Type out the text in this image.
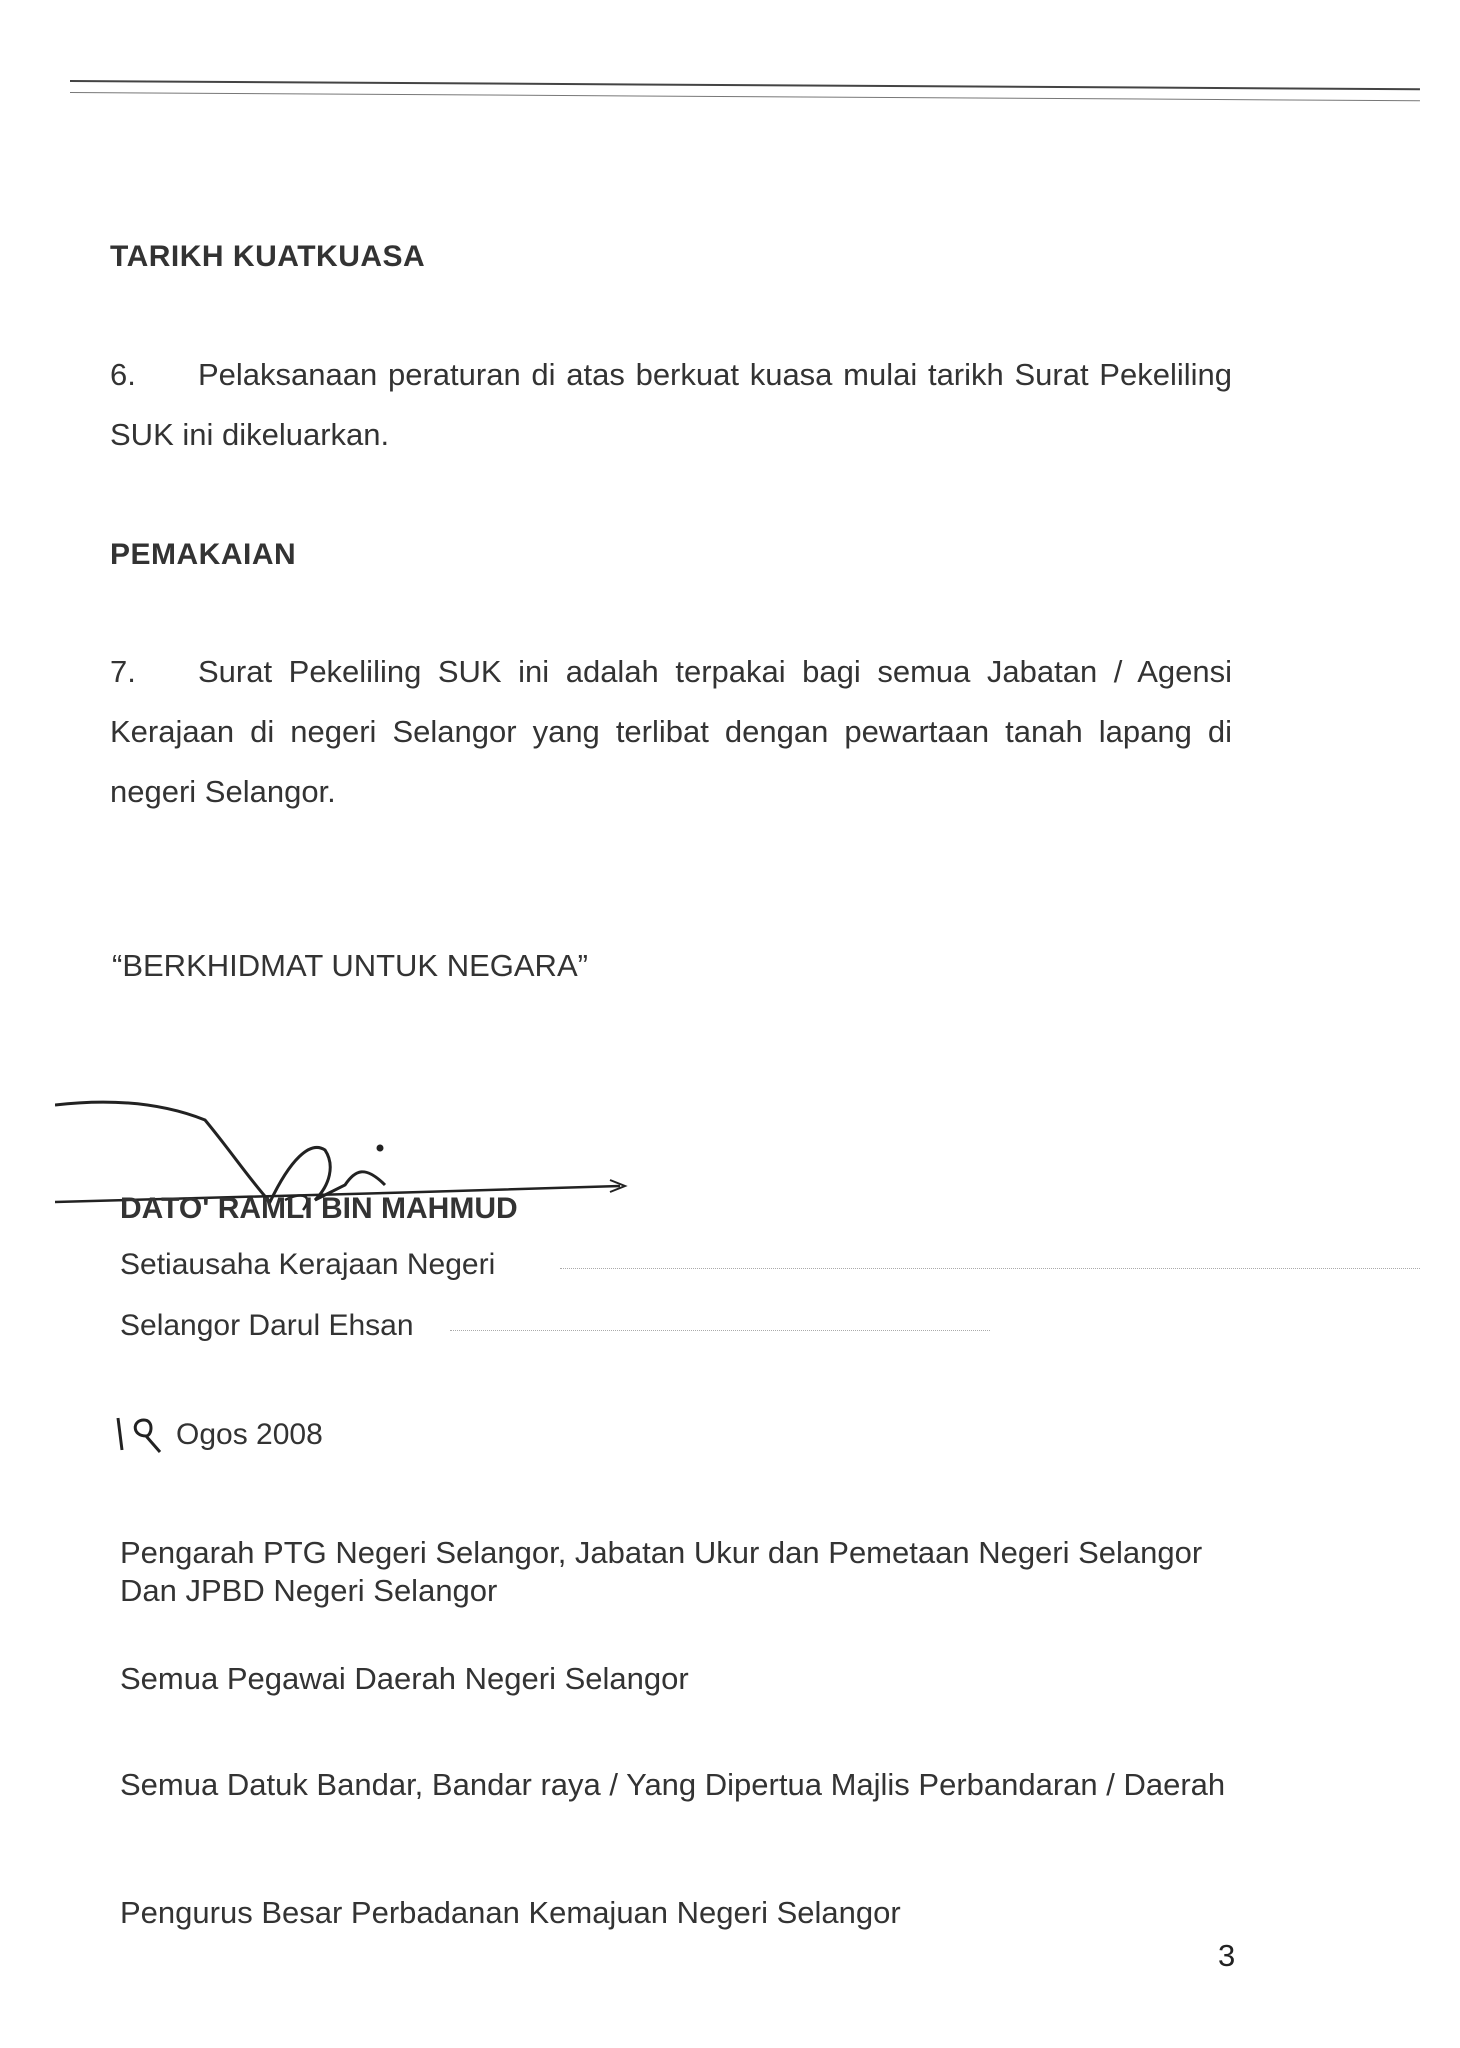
TARIKH KUATKUASA
6. Pelaksanaan peraturan di atas berkuat kuasa mulai tarikh Surat Pekeliling SUK ini dikeluarkan.
PEMAKAIAN
7. Surat Pekeliling SUK ini adalah terpakai bagi semua Jabatan / Agensi Kerajaan di negeri Selangor yang terlibat dengan pewartaan tanah lapang di negeri Selangor.
“BERKHIDMAT UNTUK NEGARA”
DATO' RAMLI BIN MAHMUD
Setiausaha Kerajaan Negeri
Selangor Darul Ehsan
Ogos 2008
Pengarah PTG Negeri Selangor, Jabatan Ukur dan Pemetaan Negeri Selangor Dan JPBD Negeri Selangor
Semua Pegawai Daerah Negeri Selangor
Semua Datuk Bandar, Bandar raya / Yang Dipertua Majlis Perbandaran / Daerah
Pengurus Besar Perbadanan Kemajuan Negeri Selangor
3
